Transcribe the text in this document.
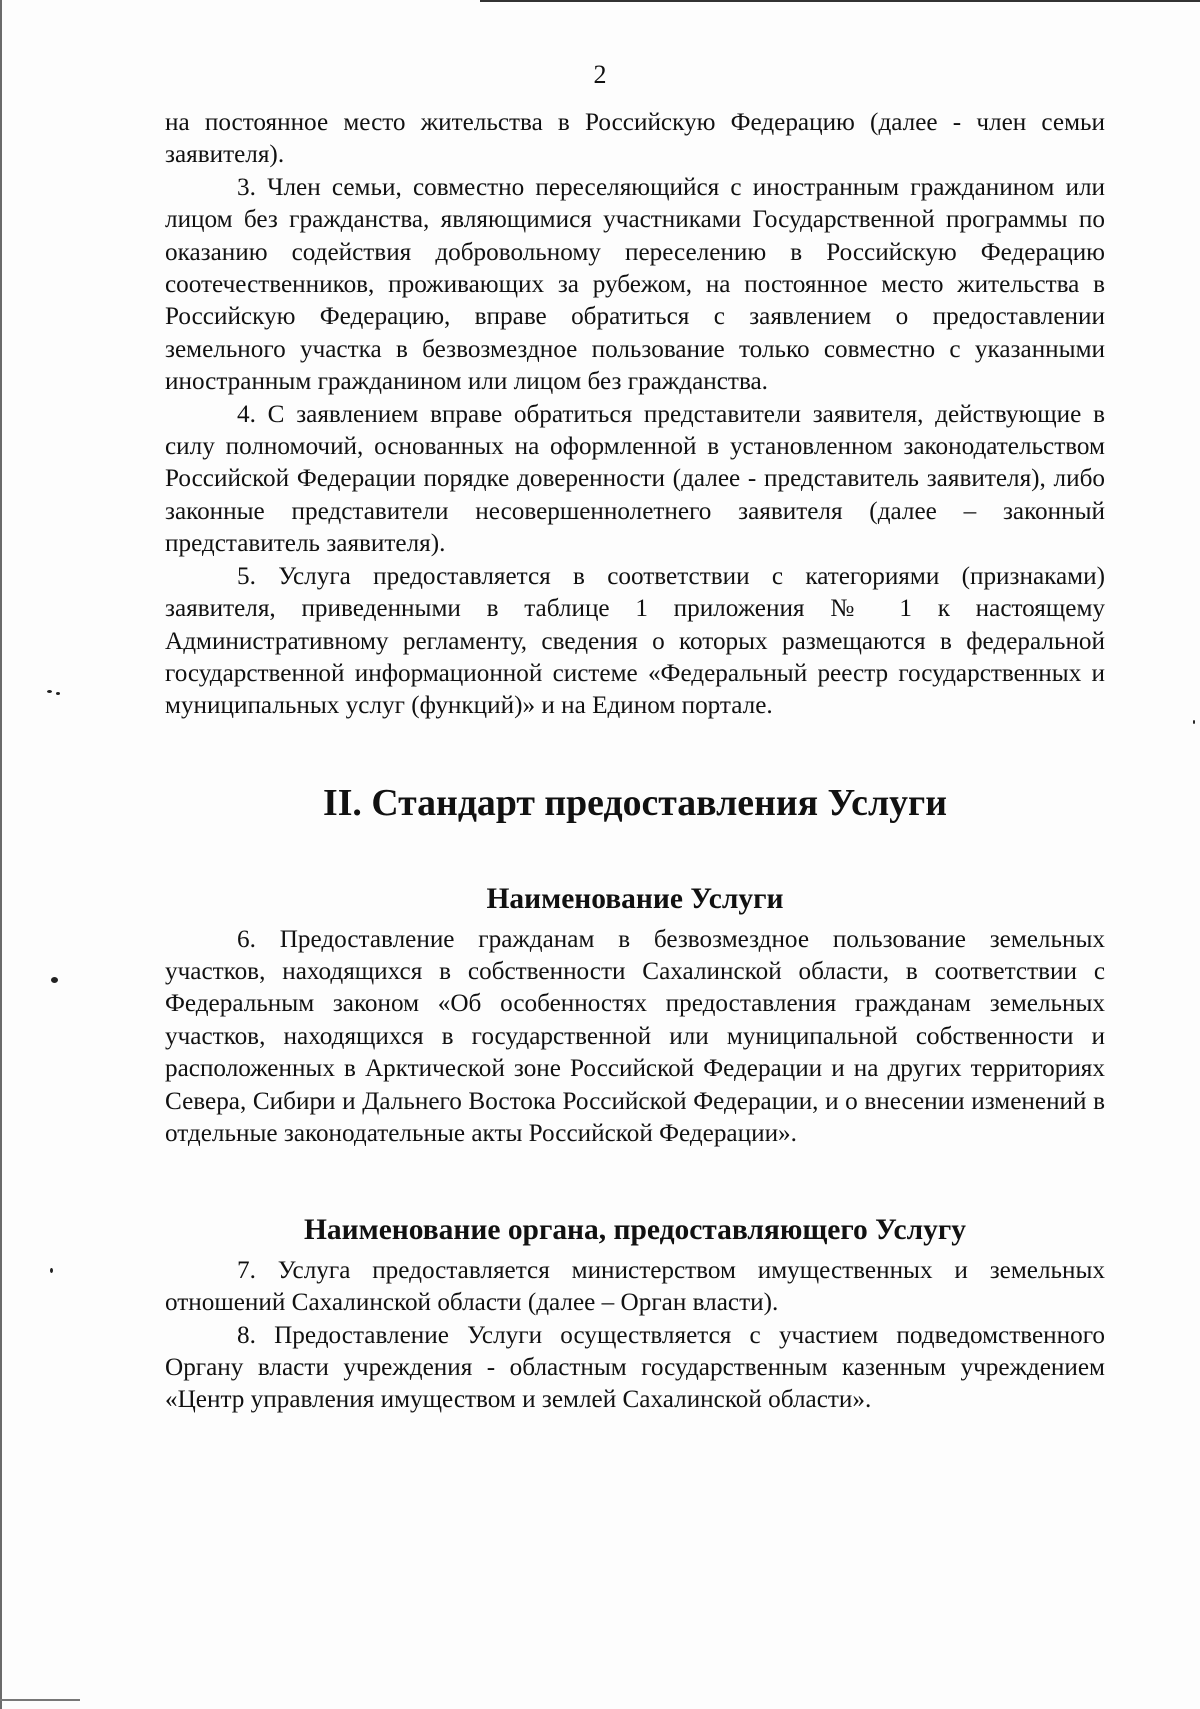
2

на постоянное место жительства в Российскую Федерацию (далее - член семьи заявителя).

3. Член семьи, совместно переселяющийся с иностранным гражданином или лицом без гражданства, являющимися участниками Государственной программы по оказанию содействия добровольному переселению в Российскую Федерацию соотечественников, проживающих за рубежом, на постоянное место жительства в Российскую Федерацию, вправе обратиться с заявлением о предоставлении земельного участка в безвозмездное пользование только совместно с указанными иностранным гражданином или лицом без гражданства.

4. С заявлением вправе обратиться представители заявителя, действующие в силу полномочий, основанных на оформленной в установленном законодательством Российской Федерации порядке доверенности (далее - представитель заявителя), либо законные представители несовершеннолетнего заявителя (далее – законный представитель заявителя).

5. Услуга предоставляется в соответствии с категориями (признаками) заявителя, приведенными в таблице 1 приложения № 1 к настоящему Административному регламенту, сведения о которых размещаются в федеральной государственной информационной системе «Федеральный реестр государственных и муниципальных услуг (функций)» и на Едином портале.

II. Стандарт предоставления Услуги
Наименование Услуги

6. Предоставление гражданам в безвозмездное пользование земельных участков, находящихся в собственности Сахалинской области, в соответствии с Федеральным законом «Об особенностях предоставления гражданам земельных участков, находящихся в государственной или муниципальной собственности и расположенных в Арктической зоне Российской Федерации и на других территориях Севера, Сибири и Дальнего Востока Российской Федерации, и о внесении изменений в отдельные законодательные акты Российской Федерации».

Наименование органа, предоставляющего Услугу

7. Услуга предоставляется министерством имущественных и земельных отношений Сахалинской области (далее – Орган власти).

8. Предоставление Услуги осуществляется с участием подведомственного Органу власти учреждения - областным государственным казенным учреждением «Центр управления имуществом и землей Сахалинской области».
